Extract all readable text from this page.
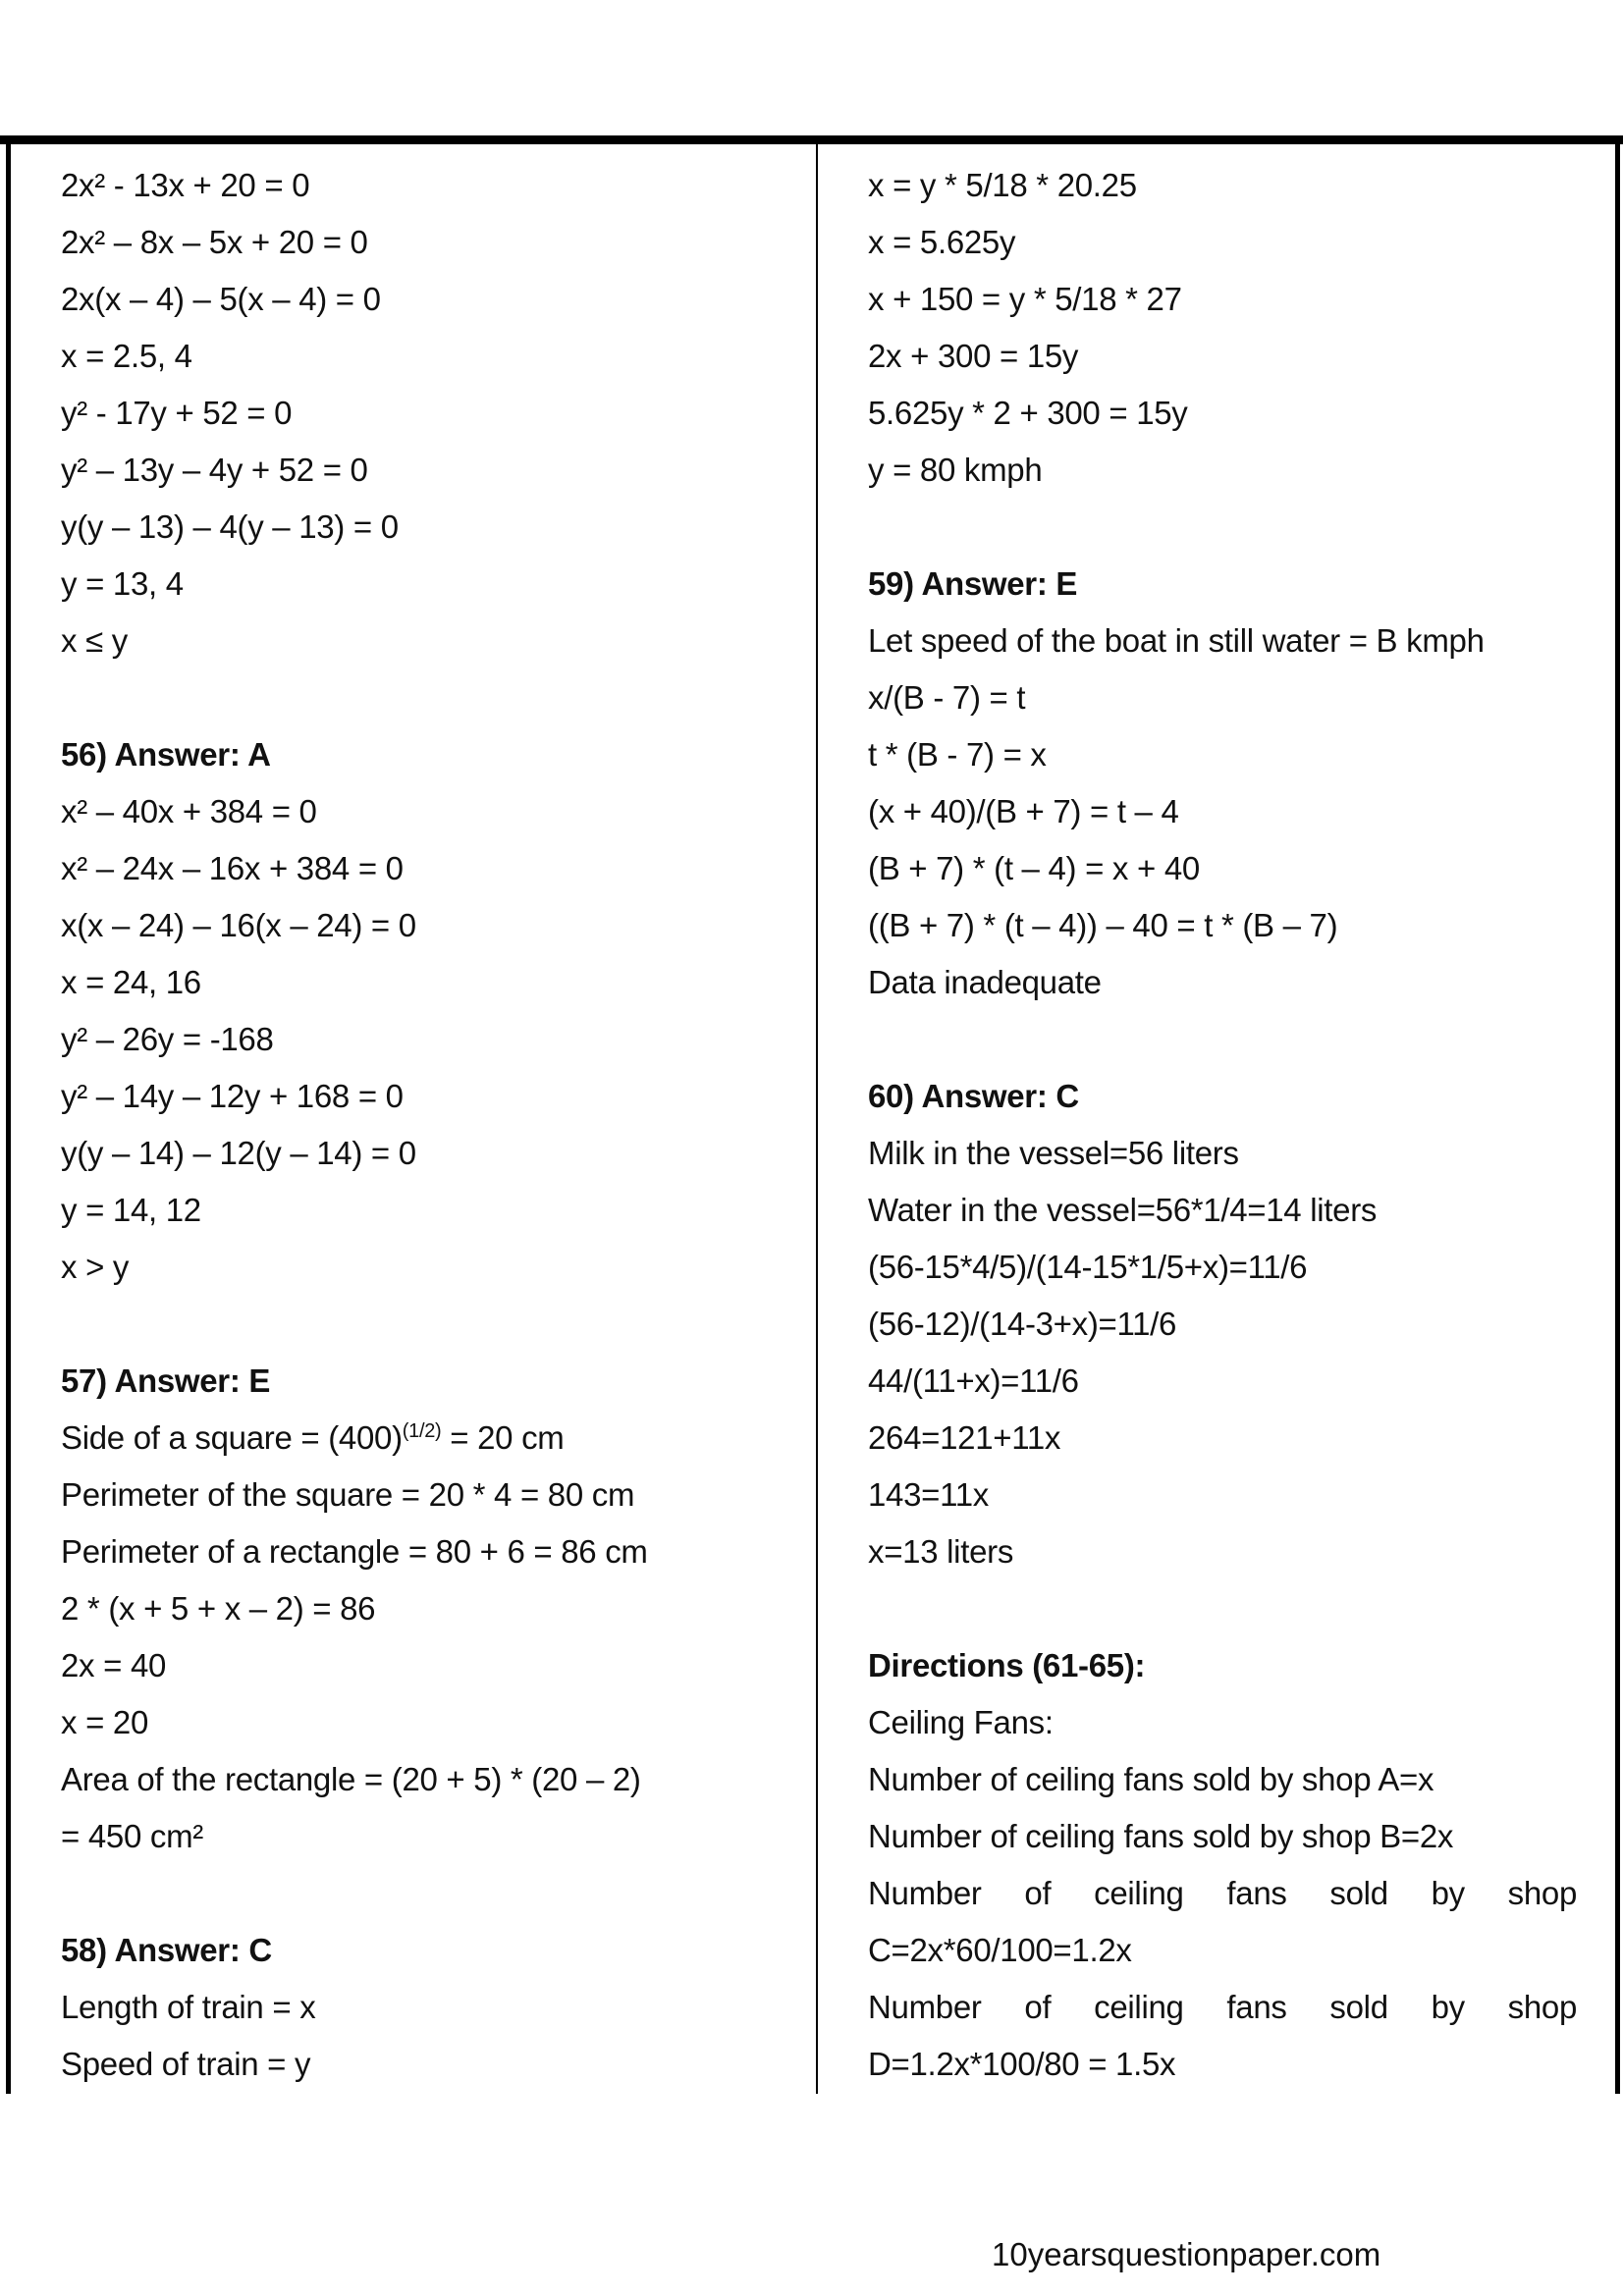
2x² - 13x + 20 = 0
2x² – 8x – 5x + 20 = 0
2x(x – 4) – 5(x – 4) = 0
x = 2.5, 4
y² - 17y + 52 = 0
y² – 13y – 4y + 52 = 0
y(y – 13) – 4(y – 13) = 0
y = 13, 4
x ≤ y
56) Answer: A
x² – 40x + 384 = 0
x² – 24x – 16x + 384 = 0
x(x – 24) – 16(x – 24) = 0
x = 24, 16
y² – 26y = -168
y² – 14y – 12y + 168 = 0
y(y – 14) – 12(y – 14) = 0
y = 14, 12
x > y
57) Answer: E
Side of a square = $(400)^{(1/2)} = 20$ cm
Perimeter of the square = 20 * 4 = 80 cm
Perimeter of a rectangle = 80 + 6 = 86 cm
2 * (x + 5 + x – 2) = 86
2x = 40
x = 20
Area of the rectangle = (20 + 5) * (20 – 2)
= 450 cm²
58) Answer: C
Length of train = x
Speed of train = y
x = y * 5/18 * 20.25
x = 5.625y
x + 150 = y * 5/18 * 27
2x + 300 = 15y
5.625y * 2 + 300 = 15y
y = 80 kmph
59) Answer: E
Let speed of the boat in still water = B kmph
x/(B - 7) = t
t * (B - 7) = x
(x + 40)/(B + 7) = t – 4
(B + 7) * (t – 4) = x + 40
((B + 7) * (t – 4)) – 40 = t * (B – 7)
Data inadequate
60) Answer: C
Milk in the vessel=56 liters
Water in the vessel=56*1/4=14 liters
(56-15*4/5)/(14-15*1/5+x)=11/6
(56-12)/(14-3+x)=11/6
44/(11+x)=11/6
264=121+11x
143=11x
x=13 liters
Directions (61-65):
Ceiling Fans:
Number of ceiling fans sold by shop A=x
Number of ceiling fans sold by shop B=2x
Number of ceiling fans sold by shop
C=2x*60/100=1.2x
Number of ceiling fans sold by shop
D=1.2x*100/80 = 1.5x
10yearsquestionpaper.com
